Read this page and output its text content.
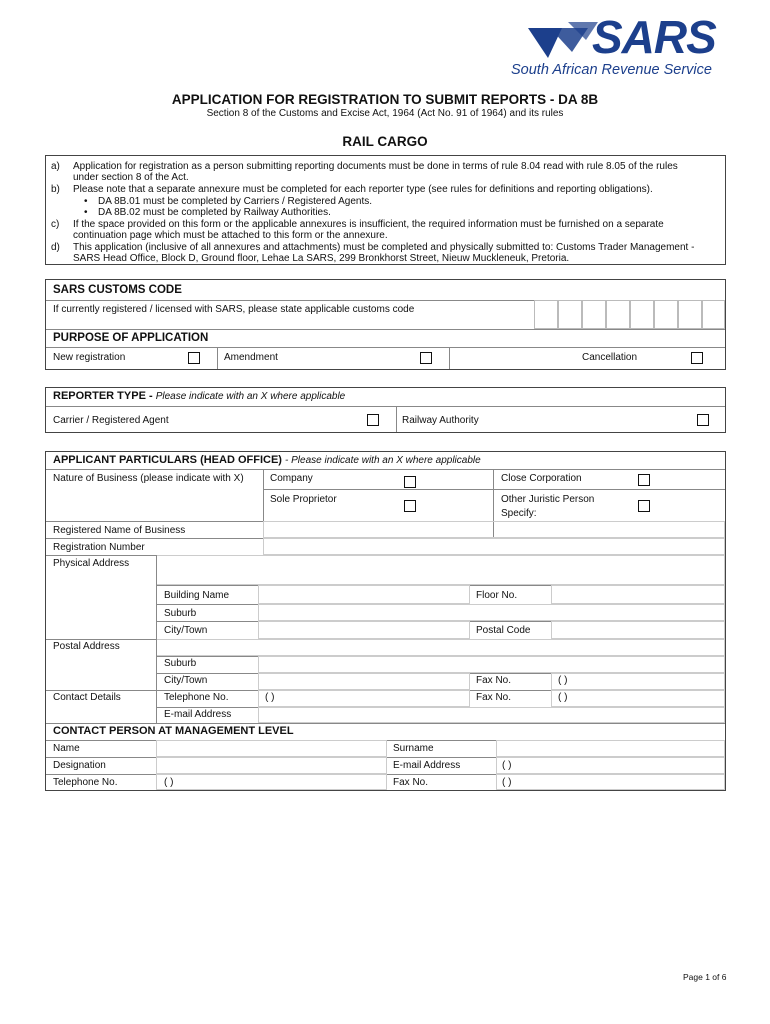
SARS
South African Revenue Service
APPLICATION FOR REGISTRATION TO SUBMIT REPORTS - DA 8B
Section 8 of the Customs and Excise Act, 1964 (Act No. 91 of 1964) and its rules
RAIL CARGO
a) Application for registration as a person submitting reporting documents must be done in terms of rule 8.04 read with rule 8.05 of the rules
under section 8 of the Act.
b) Please note that a separate annexure must be completed for each reporter type (see rules for definitions and reporting obligations).
• DA 8B.01 must be completed by Carriers / Registered Agents.
• DA 8B.02 must be completed by Railway Authorities.
c) If the space provided on this form or the applicable annexures is insufficient, the required information must be furnished on a separate
continuation page which must be attached to this form or the annexure.
d) This application (inclusive of all annexures and attachments) must be completed and physically submitted to: Customs Trader Management -
SARS Head Office, Block D, Ground floor, Lehae La SARS, 299 Bronkhorst Street, Nieuw Muckleneuk, Pretoria.
SARS CUSTOMS CODE
If currently registered / licensed with SARS, please state applicable customs code
PURPOSE OF APPLICATION
New registration	Amendment	Cancellation
REPORTER TYPE - Please indicate with an X where applicable
Carrier / Registered Agent	Railway Authority
APPLICANT PARTICULARS (HEAD OFFICE) - Please indicate with an X where applicable
Nature of Business (please indicate with X)	Company	Close Corporation
Sole Proprietor	Other Juristic Person
Specify:
Registered Name of Business
Registration Number
Physical Address
Building Name	Floor No.
Suburb
City/Town	Postal Code
Postal Address
Suburb
City/Town	Fax No.	( )
Contact Details	Telephone No.	( )	Fax No.	( )
E-mail Address
CONTACT PERSON AT MANAGEMENT LEVEL
Name	Surname
Designation	E-mail Address	( )
Telephone No.	( )	Fax No.	( )
Page 1 of 6
